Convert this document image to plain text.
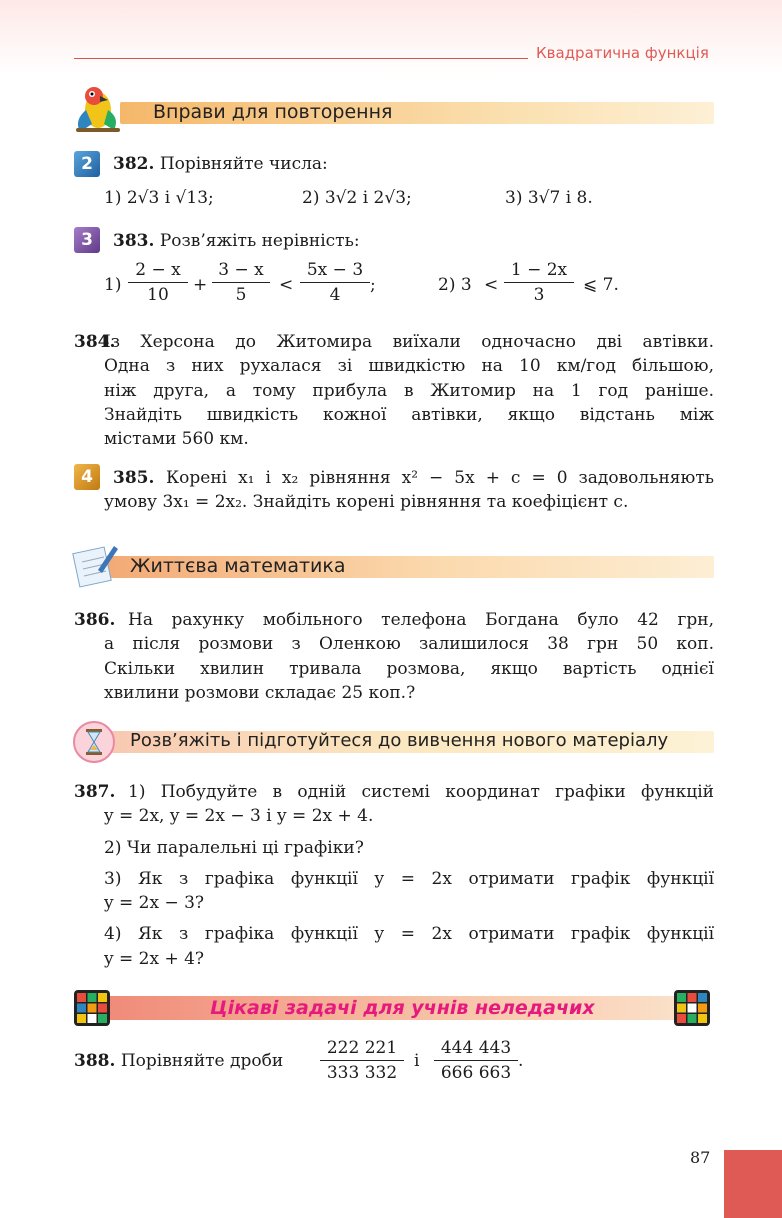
Квадратична функція
Вправи для повторення
2	382. Порівняйте числа:
1) 2√3 і √13;	2) 3√2 і 2√3;	3) 3√7 і 8.
3	383. Розв’яжіть нерівність:
$1) \frac{2 - x}{10} + \frac{3 - x}{5} < \frac{5x - 3}{4}$ ;	2) $3 < \frac{1 - 2x}{3}$ ⩽ 7.
384.
Із Херсона до Житомира виїхали одночасно дві автівки.
Одна з них рухалася зі швидкістю на 10 км/год більшою,
ніж друга, а тому прибула в Житомир на 1 год раніше.
Знайдіть швидкість кожної автівки, якщо відстань між
містами 560 км.
4	385. Корені x₁ і x₂ рівняння x² − 5x + c = 0 задовольняють
умову 3x₁ = 2x₂. Знайдіть корені рівняння та коефіцієнт c.
Життєва математика
386. На рахунку мобільного телефона Богдана було 42 грн,
а після розмови з Оленкою залишилося 38 грн 50 коп.
Скільки хвилин тривала розмова, якщо вартість однієї
хвилини розмови складає 25 коп.?
Розв’яжіть і підготуйтеся до вивчення нового матеріалу
387. 1) Побудуйте в одній системі координат графіки функцій
y = 2x, y = 2x − 3 і y = 2x + 4.
2) Чи паралельні ці графіки?
3) Як з графіка функції y = 2x отримати графік функції
y = 2x − 3?
4) Як з графіка функції y = 2x отримати графік функції
y = 2x + 4?
Цікаві задачі для учнів неледачих
388. Порівняйте дроби $\frac{222 221}{333 332}$ і $\frac{444 443}{666 663}$ .
87
